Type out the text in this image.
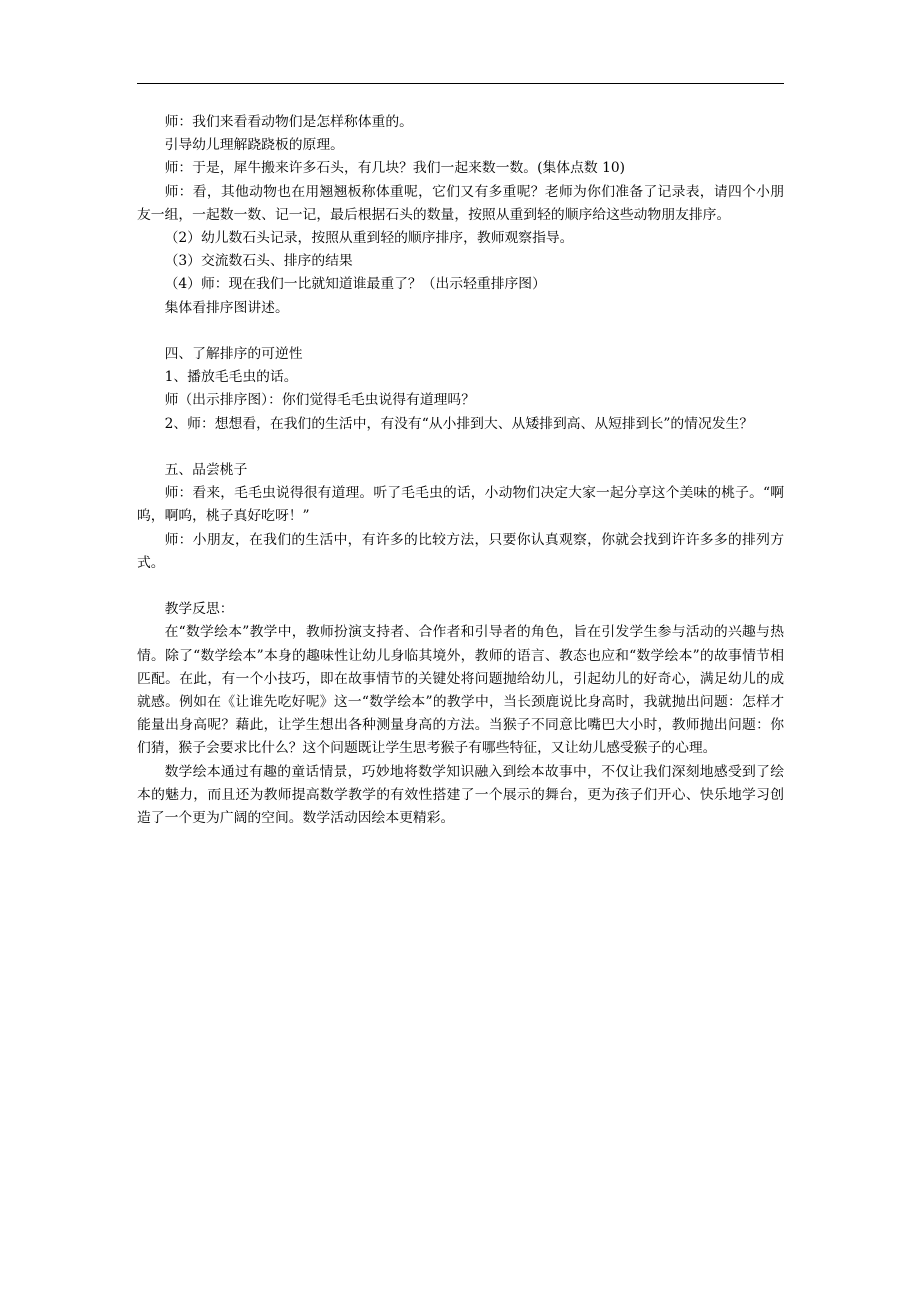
师：我们来看看动物们是怎样称体重的。

引导幼儿理解跷跷板的原理。

师：于是，犀牛搬来许多石头，有几块？我们一起来数一数。(集体点数 10)

师：看，其他动物也在用翘翘板称体重呢，它们又有多重呢？老师为你们准备了记录表，请四个小朋友一组，一起数一数、记一记，最后根据石头的数量，按照从重到轻的顺序给这些动物朋友排序。

（2）幼儿数石头记录，按照从重到轻的顺序排序，教师观察指导。

（3）交流数石头、排序的结果

（4）师：现在我们一比就知道谁最重了？（出示轻重排序图）

集体看排序图讲述。

四、了解排序的可逆性

1、播放毛毛虫的话。

师（出示排序图）：你们觉得毛毛虫说得有道理吗？

2、师：想想看，在我们的生活中，有没有“从小排到大、从矮排到高、从短排到长”的情况发生？

五、品尝桃子

师：看来，毛毛虫说得很有道理。听了毛毛虫的话，小动物们决定大家一起分享这个美味的桃子。“啊呜，啊呜，桃子真好吃呀！”

师：小朋友，在我们的生活中，有许多的比较方法，只要你认真观察，你就会找到许许多多的排列方式。

教学反思：

在“数学绘本”教学中，教师扮演支持者、合作者和引导者的角色，旨在引发学生参与活动的兴趣与热情。除了“数学绘本”本身的趣味性让幼儿身临其境外，教师的语言、教态也应和“数学绘本”的故事情节相匹配。在此，有一个小技巧，即在故事情节的关键处将问题抛给幼儿，引起幼儿的好奇心，满足幼儿的成就感。例如在《让谁先吃好呢》这一“数学绘本”的教学中，当长颈鹿说比身高时，我就抛出问题：怎样才能量出身高呢？藉此，让学生想出各种测量身高的方法。当猴子不同意比嘴巴大小时，教师抛出问题：你们猜，猴子会要求比什么？这个问题既让学生思考猴子有哪些特征，又让幼儿感受猴子的心理。

数学绘本通过有趣的童话情景，巧妙地将数学知识融入到绘本故事中，不仅让我们深刻地感受到了绘本的魅力，而且还为教师提高数学教学的有效性搭建了一个展示的舞台，更为孩子们开心、快乐地学习创造了一个更为广阔的空间。数学活动因绘本更精彩。
